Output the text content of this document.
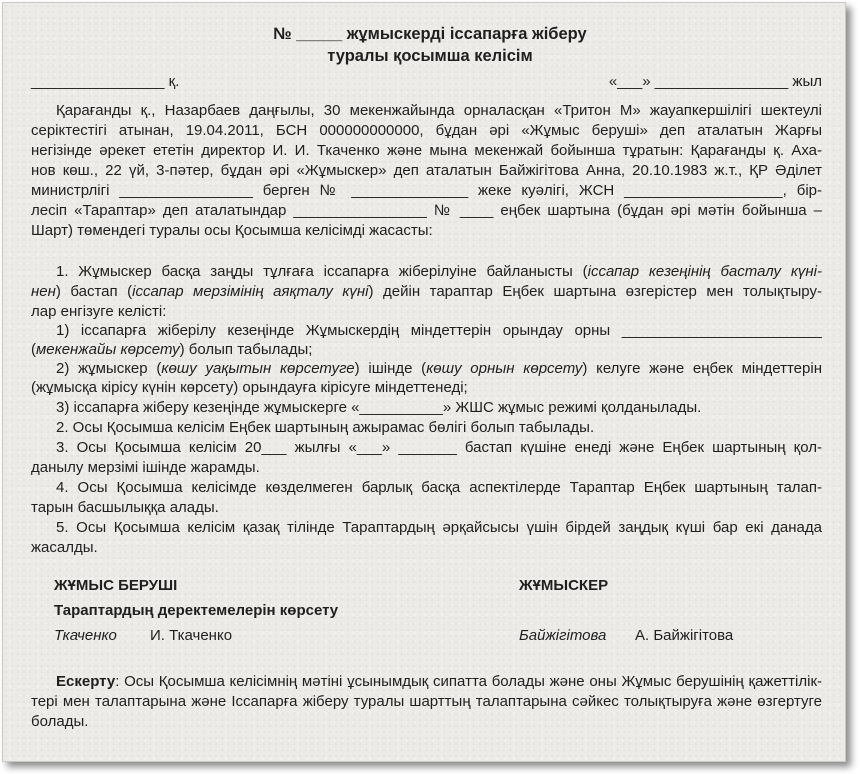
№ _____ жұмыскерді іссапарға жіберу
туралы қосымша келісім
________________ қ.	«___» ________________ жыл
Қарағанды қ., Назарбаев даңғылы, 30 мекенжайында орналасқан «Тритон М» жауапкершілігі шектеулі
серіктестігі атынан, 19.04.2011, БСН 000000000000, бұдан әрі «Жұмыс беруші» деп аталатын Жарғы
негізінде әрекет ететін директор И. И. Ткаченко және мына мекенжай бойынша тұратын: Қарағанды қ. Аха-
нов көш., 22 үй, 3-пәтер, бұдан әрі «Жұмыскер» деп аталатын Байжігітова Анна, 20.10.1983 ж.т., ҚР Әділет
министрлігі ________________ берген № ______________ жеке куәлігі, ЖСН ___________________, бір-
лесіп «Тараптар» деп аталатындар ________________ № ____ еңбек шартына (бұдан әрі мәтін бойынша –
Шарт) төмендегі туралы осы Қосымша келісімді жасасты:
1. Жұмыскер басқа заңды тұлғаға іссапарға жіберілуіне байланысты (іссапар кезеңінің басталу күні-
нен) бастап (іссапар мерзімінің аяқталу күні) дейін тараптар Еңбек шартына өзгерістер мен толықтыру-
лар енгізуге келісті:
1) іссапарға жіберілу кезеңінде Жұмыскердің міндеттерін орындау орны ________________________
(мекенжайы көрсету) болып табылады;
2) жұмыскер (көшу уақытын көрсетуге) ішінде (көшу орнын көрсету) келуге және еңбек міндеттерін
(жұмысқа кірісу күнін көрсету) орындауға кірісуге міндеттенеді;
3) іссапарға жіберу кезеңінде жұмыскерге «__________» ЖШС жұмыс режимі қолданылады.
2. Осы Қосымша келісім Еңбек шартының ажырамас бөлігі болып табылады.
3. Осы Қосымша келісім 20___ жылғы «___» _______ бастап күшіне енеді және Еңбек шартының қол-
данылу мерзімі ішінде жарамды.
4. Осы Қосымша келісімде көзделмеген барлық басқа аспектілерде Тараптар Еңбек шартының талап-
тарын басшылыққа алады.
5. Осы Қосымша келісім қазақ тілінде Тараптардың әрқайсысы үшін бірдей заңдық күші бар екі данада
жасалды.
ЖҰМЫС БЕРУШІ	ЖҰМЫСКЕР
Тараптардың деректемелерін көрсету
Ткаченко И. Ткаченко	Байжігітова А. Байжігітова
Ескерту: Осы Қосымша келісімнің мәтіні ұсынымдық сипатта болады және оны Жұмыс берушінің қажеттілік-
тері мен талаптарына және Іссапарға жіберу туралы шарттың талаптарына сәйкес толықтыруға және өзгертуге
болады.
